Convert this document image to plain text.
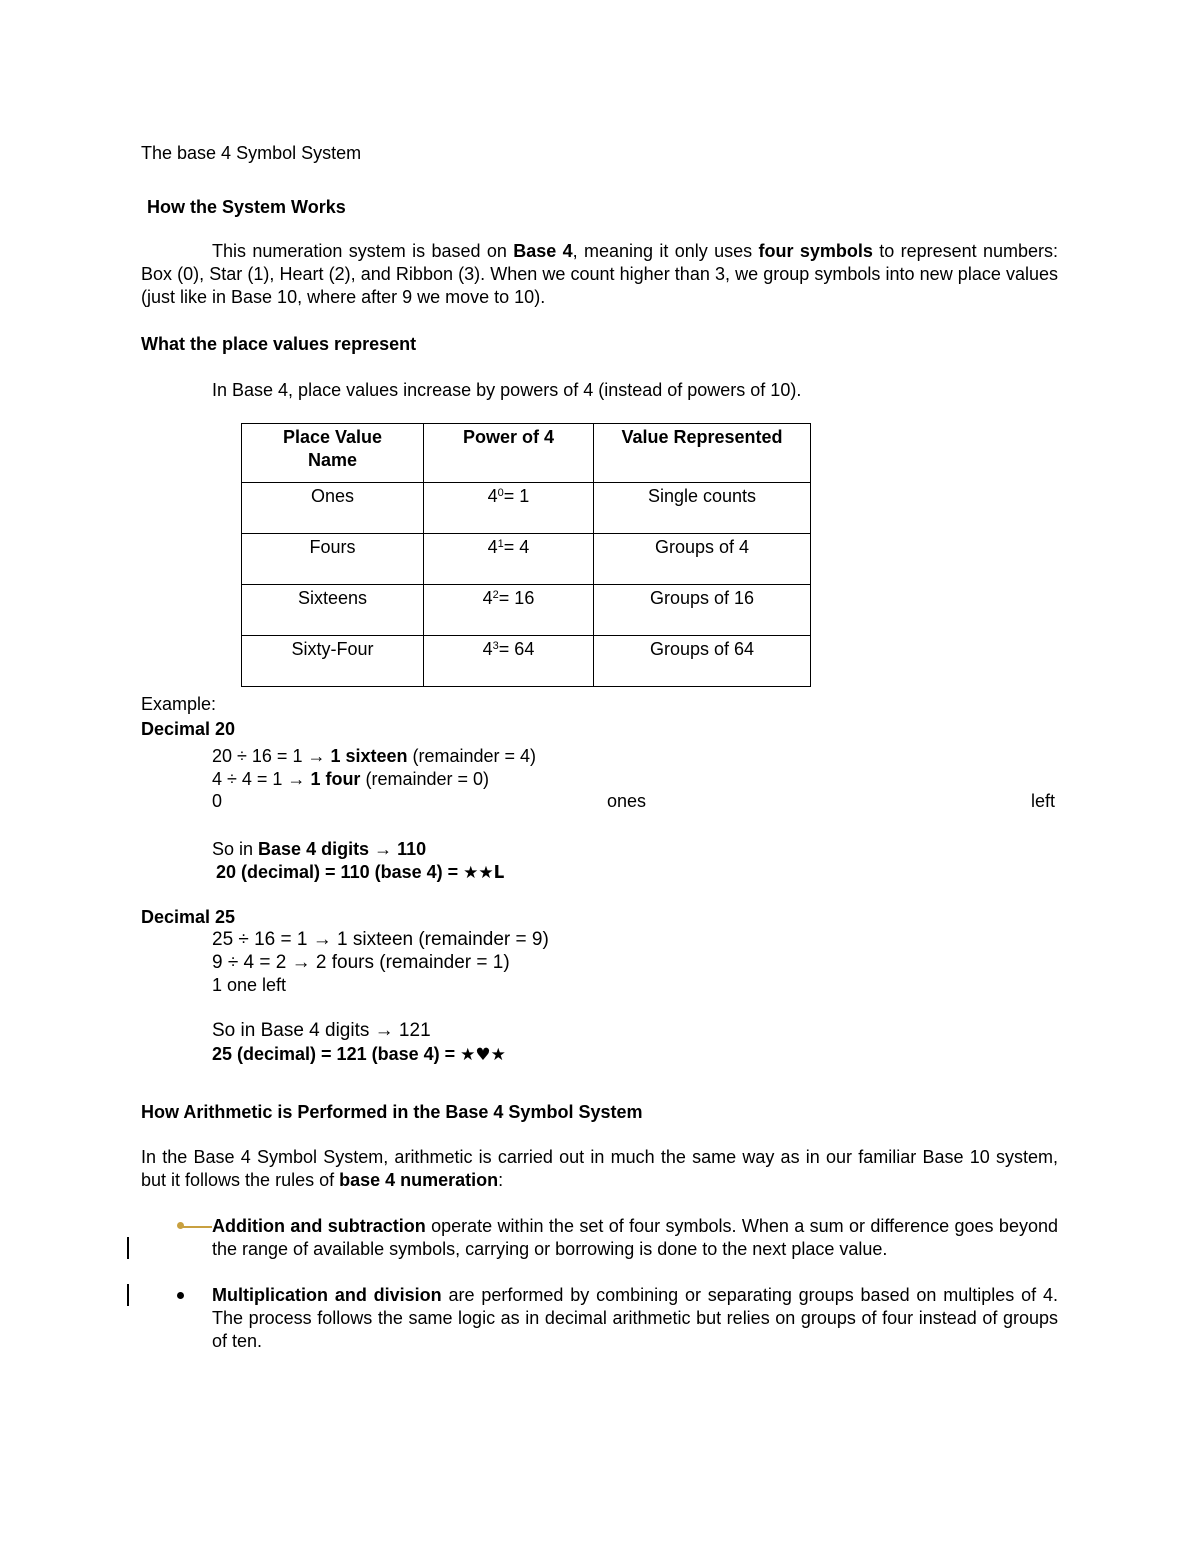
The base 4 Symbol System
How the System Works
This numeration system is based on Base 4, meaning it only uses four symbols to represent numbers: Box (0), Star (1), Heart (2), and Ribbon (3). When we count higher than 3, we group symbols into new place values (just like in Base 10, where after 9 we move to 10).
What the place values represent
In Base 4, place values increase by powers of 4 (instead of powers of 10).
Place Value Name	Power of 4	Value Represented
Ones	$4^0= 1$	Single counts
Fours	$4^1= 4$	Groups of 4
Sixteens	$4^2= 16$	Groups of 16
Sixty-Four	$4^3= 64$	Groups of 64
Example:
Decimal 20
20 ÷ 16 = 1 → 1 sixteen (remainder = 4)
4 ÷ 4 = 1 → 1 four (remainder = 0)
0	ones	left
So in Base 4 digits → 110
20 (decimal) = 110 (base 4) = ★★ᒪ
Decimal 25
25 ÷ 16 = 1 → 1 sixteen (remainder = 9)
9 ÷ 4 = 2 → 2 fours (remainder = 1)
1 one left
So in Base 4 digits → 121
25 (decimal) = 121 (base 4) = ★♥★
How Arithmetic is Performed in the Base 4 Symbol System
In the Base 4 Symbol System, arithmetic is carried out in much the same way as in our familiar Base 10 system, but it follows the rules of base 4 numeration:
Addition and subtraction operate within the set of four symbols. When a sum or difference goes beyond the range of available symbols, carrying or borrowing is done to the next place value.
Multiplication and division are performed by combining or separating groups based on multiples of 4. The process follows the same logic as in decimal arithmetic but relies on groups of four instead of groups of ten.
